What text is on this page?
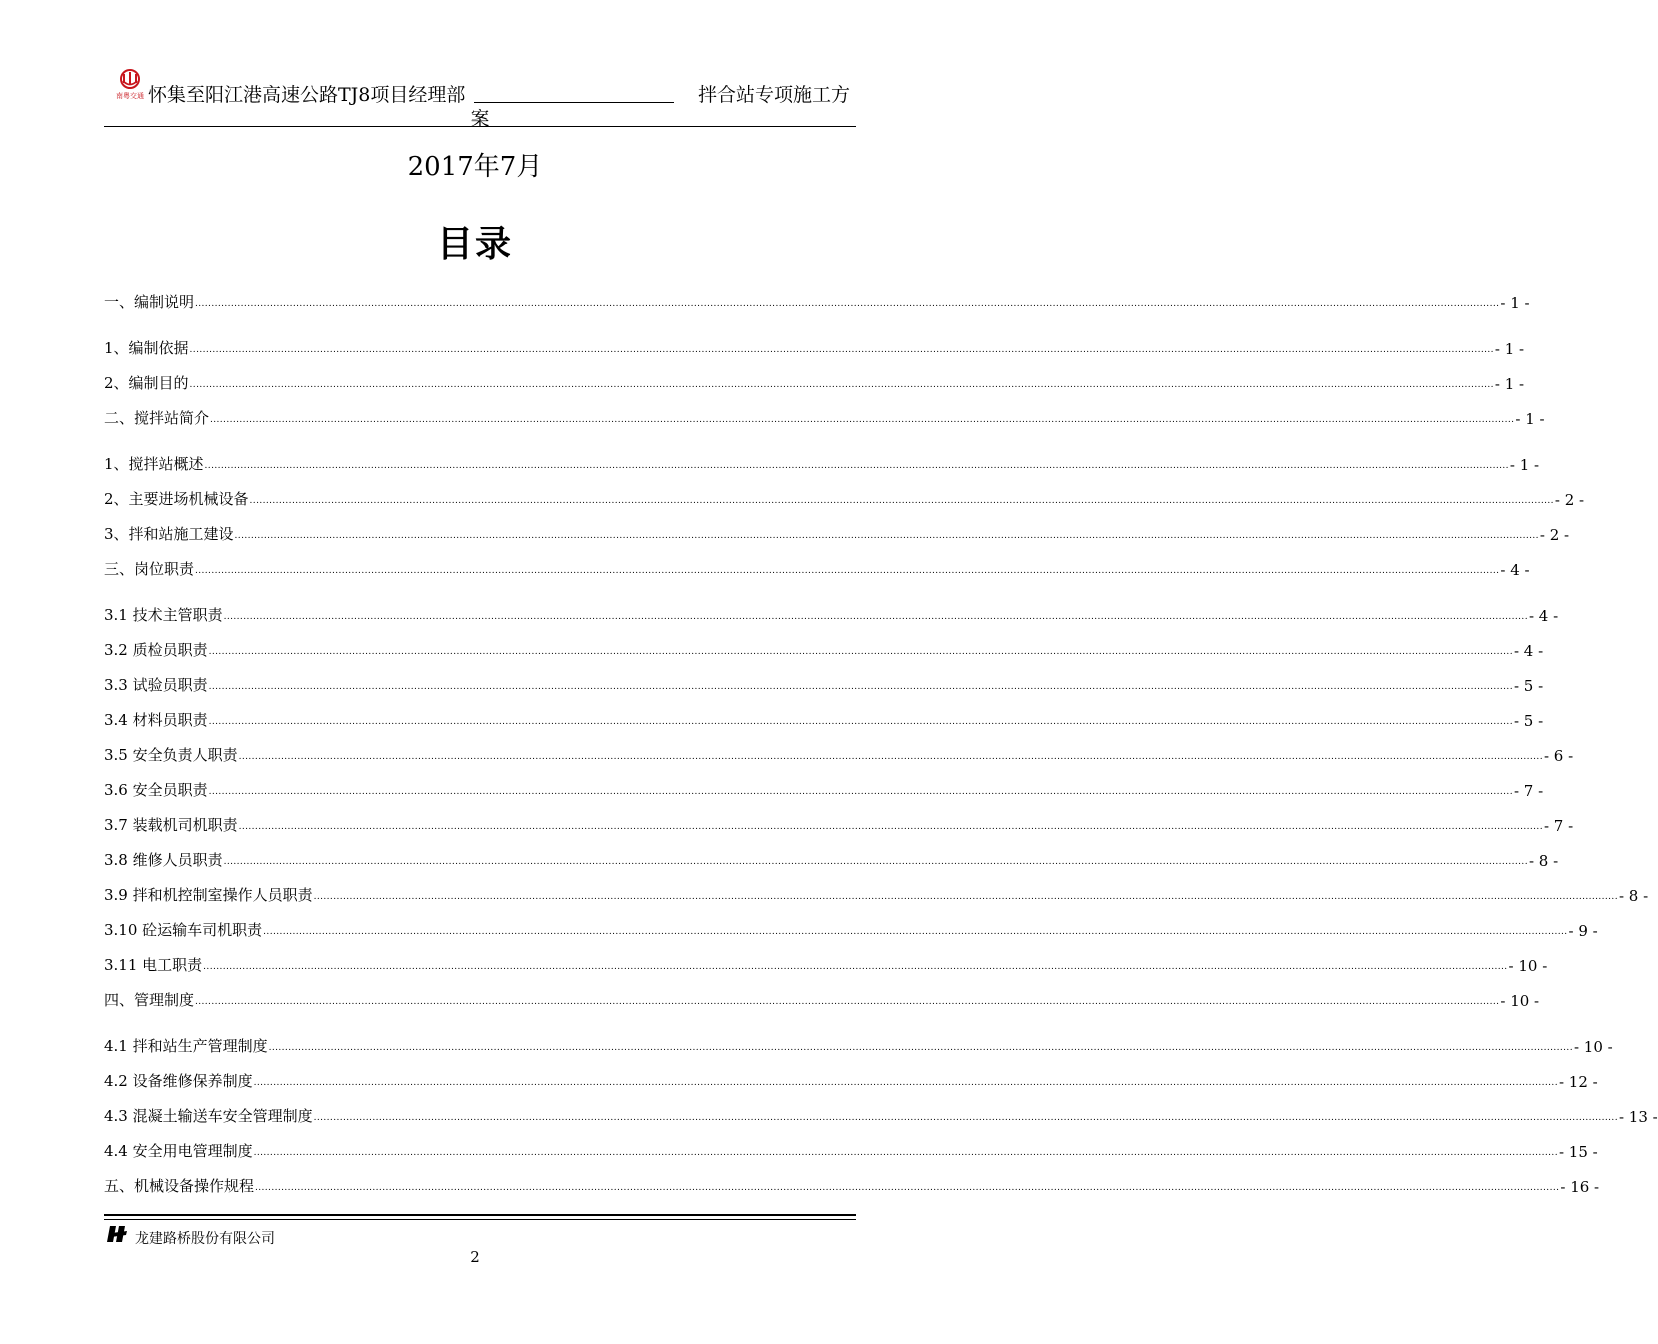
南粤交通 怀集至阳江港高速公路TJ8项目经理部	拌合站专项施工方
案
2017年7月
目录
一、编制说明 ................................................................................................................................................................................................................................................................................................................................................................................................................ - 1 -
1、编制依据 ................................................................................................................................................................................................................................................................................................................................................................................................................ - 1 -
2、编制目的 ................................................................................................................................................................................................................................................................................................................................................................................................................ - 1 -
二、搅拌站简介 ................................................................................................................................................................................................................................................................................................................................................................................................................ - 1 -
1、搅拌站概述 ................................................................................................................................................................................................................................................................................................................................................................................................................ - 1 -
2、主要进场机械设备 ................................................................................................................................................................................................................................................................................................................................................................................................................ - 2 -
3、拌和站施工建设 ................................................................................................................................................................................................................................................................................................................................................................................................................ - 2 -
三、岗位职责 ................................................................................................................................................................................................................................................................................................................................................................................................................ - 4 -
3.1 技术主管职责 ................................................................................................................................................................................................................................................................................................................................................................................................................ - 4 -
3.2 质检员职责 ................................................................................................................................................................................................................................................................................................................................................................................................................ - 4 -
3.3 试验员职责 ................................................................................................................................................................................................................................................................................................................................................................................................................ - 5 -
3.4 材料员职责 ................................................................................................................................................................................................................................................................................................................................................................................................................ - 5 -
3.5 安全负责人职责 ................................................................................................................................................................................................................................................................................................................................................................................................................ - 6 -
3.6 安全员职责 ................................................................................................................................................................................................................................................................................................................................................................................................................ - 7 -
3.7 装载机司机职责 ................................................................................................................................................................................................................................................................................................................................................................................................................ - 7 -
3.8 维修人员职责 ................................................................................................................................................................................................................................................................................................................................................................................................................ - 8 -
3.9 拌和机控制室操作人员职责 ................................................................................................................................................................................................................................................................................................................................................................................................................ - 8 -
3.10 砼运输车司机职责 ................................................................................................................................................................................................................................................................................................................................................................................................................ - 9 -
3.11 电工职责 ................................................................................................................................................................................................................................................................................................................................................................................................................ - 10 -
四、管理制度 ................................................................................................................................................................................................................................................................................................................................................................................................................ - 10 -
4.1 拌和站生产管理制度 ................................................................................................................................................................................................................................................................................................................................................................................................................ - 10 -
4.2 设备维修保养制度 ................................................................................................................................................................................................................................................................................................................................................................................................................ - 12 -
4.3 混凝土输送车安全管理制度 ................................................................................................................................................................................................................................................................................................................................................................................................................ - 13 -
4.4 安全用电管理制度 ................................................................................................................................................................................................................................................................................................................................................................................................................ - 15 -
五、机械设备操作规程 ................................................................................................................................................................................................................................................................................................................................................................................................................ - 16 -
龙建路桥股份有限公司
2
